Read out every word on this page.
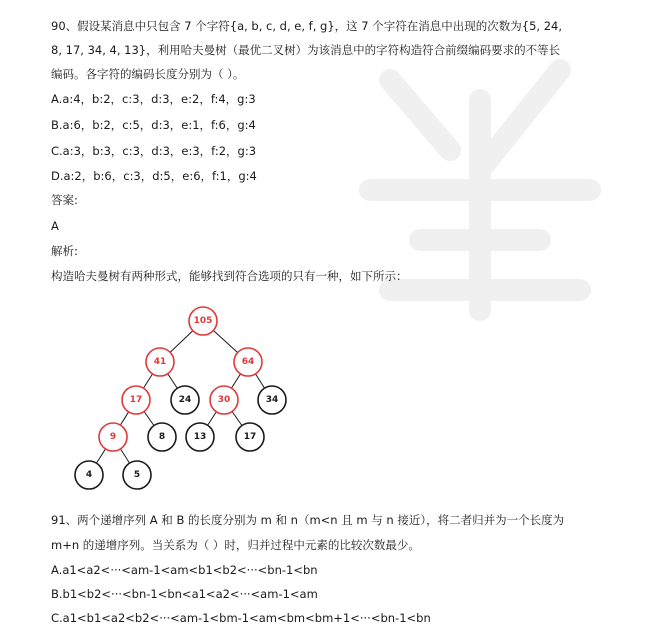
90、假设某消息中只包含 7 个字符{a, b, c, d, e, f, g}，这 7 个字符在消息中出现的次数为{5, 24,
8, 17, 34, 4, 13}，利用哈夫曼树（最优二叉树）为该消息中的字符构造符合前缀编码要求的不等长
编码。各字符的编码长度分别为（ ）。
A.a:4，b:2，c:3，d:3，e:2，f:4，g:3
B.a:6，b:2，c:5，d:3，e:1，f:6，g:4
C.a:3，b:3，c:3，d:3，e:3，f:2，g:3
D.a:2，b:6，c:3，d:5，e:6，f:1，g:4
答案:
A
解析:
构造哈夫曼树有两种形式，能够找到符合选项的只有一种，如下所示：
105
41	64
17	24	30	34
9	8	13	17
4	5
91、两个递增序列 A 和 B 的长度分别为 m 和 n（m<n 且 m 与 n 接近），将二者归并为一个长度为
m+n 的递增序列。当关系为（ ）时，归并过程中元素的比较次数最少。
A.a1<a2<···<am-1<am<b1<b2<···<bn-1<bn
B.b1<b2<···<bn-1<bn<a1<a2<···<am-1<am
C.a1<b1<a2<b2<···<am-1<bm-1<am<bm<bm+1<···<bn-1<bn
